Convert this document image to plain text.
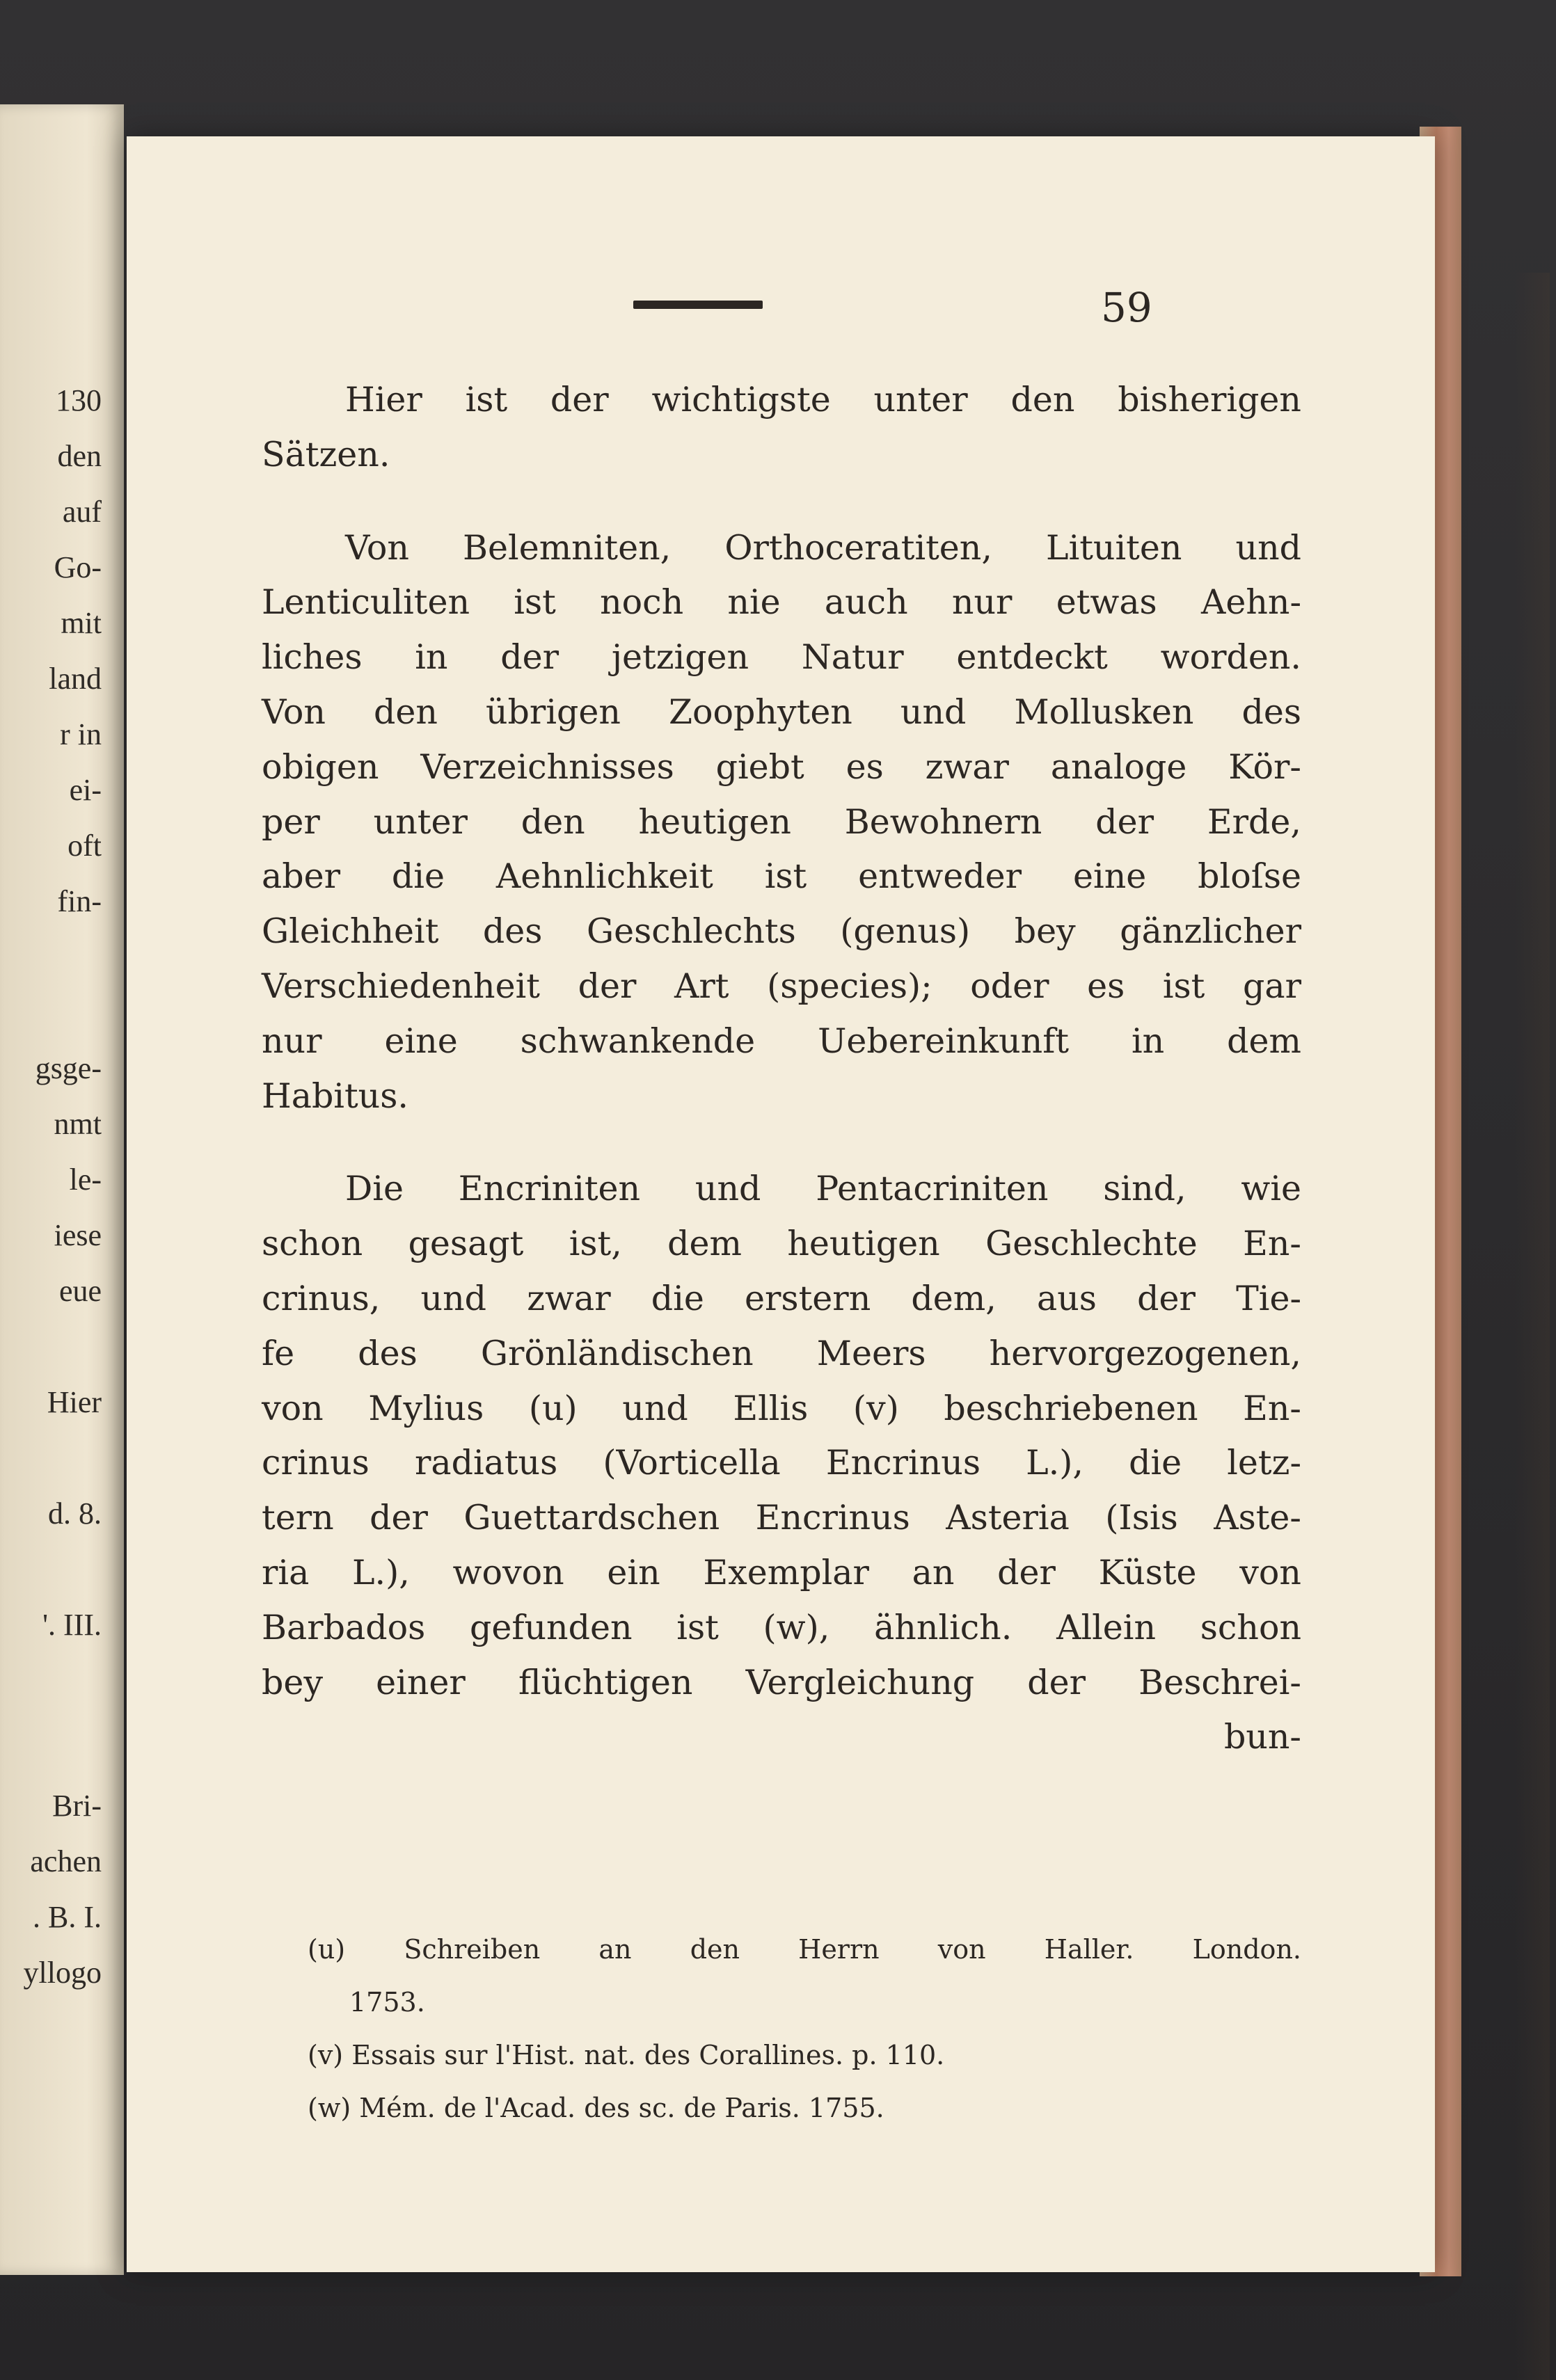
130

den

auf

Go-

mit

land

r in

ei-

oft

fin-

gsge-

nmt

le-

iese

eue

Hier

d. 8.

'. III.

Bri-

achen

. B. I.

yllogo

59

Hier ist der wichtigste unter den bisherigen

Sätzen.

Von Belemniten, Orthoceratiten, Lituiten und

Lenticuliten ist noch nie auch nur etwas Aehn-

liches in der jetzigen Natur entdeckt worden.

Von den übrigen Zoophyten und Mollusken des

obigen Verzeichnisses giebt es zwar analoge Kör-

per unter den heutigen Bewohnern der Erde,

aber die Aehnlichkeit ist entweder eine bloſse

Gleichheit des Geschlechts (genus) bey gänzlicher

Verschiedenheit der Art (species); oder es ist gar

nur eine schwankende Uebereinkunft in dem

Habitus.

Die Encriniten und Pentacriniten sind, wie

schon gesagt ist, dem heutigen Geschlechte En-

crinus, und zwar die erstern dem, aus der Tie-

fe des Grönländischen Meers hervorgezogenen,

von Mylius (u) und Ellis (v) beschriebenen En-

crinus radiatus (Vorticella Encrinus L.), die letz-

tern der Guettardschen Encrinus Asteria (Isis Aste-

ria L.), wovon ein Exemplar an der Küste von

Barbados gefunden ist (w), ähnlich. Allein schon

bey einer flüchtigen Vergleichung der Beschrei-

bun-

(u) Schreiben an den Herrn von Haller. London.

1753.

(v) Essais sur l'Hist. nat. des Corallines. p. 110.

(w) Mém. de l'Acad. des sc. de Paris. 1755.
